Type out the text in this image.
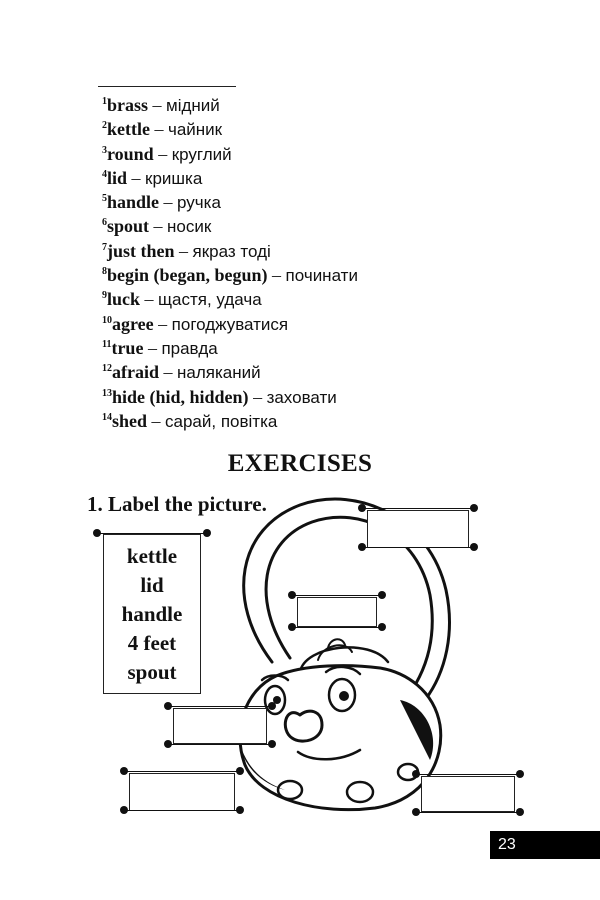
$^1$brass – мідний
$^2$kettle – чайник
$^3$round – круглий
$^4$lid – кришка
$^5$handle – ручка
$^6$spout – носик
$^7$just then – якраз тоді
$^8$begin (began, begun) – починати
$^9$luck – щастя, удача
$^{10}$agree – погоджуватися
$^{11}$true – правда
$^{12}$afraid – наляканий
$^{13}$hide (hid, hidden) – заховати
$^{14}$shed – сарай, повітка
EXERCISES
1. Label the picture.
kettle
lid
handle
4 feet
spout
23
